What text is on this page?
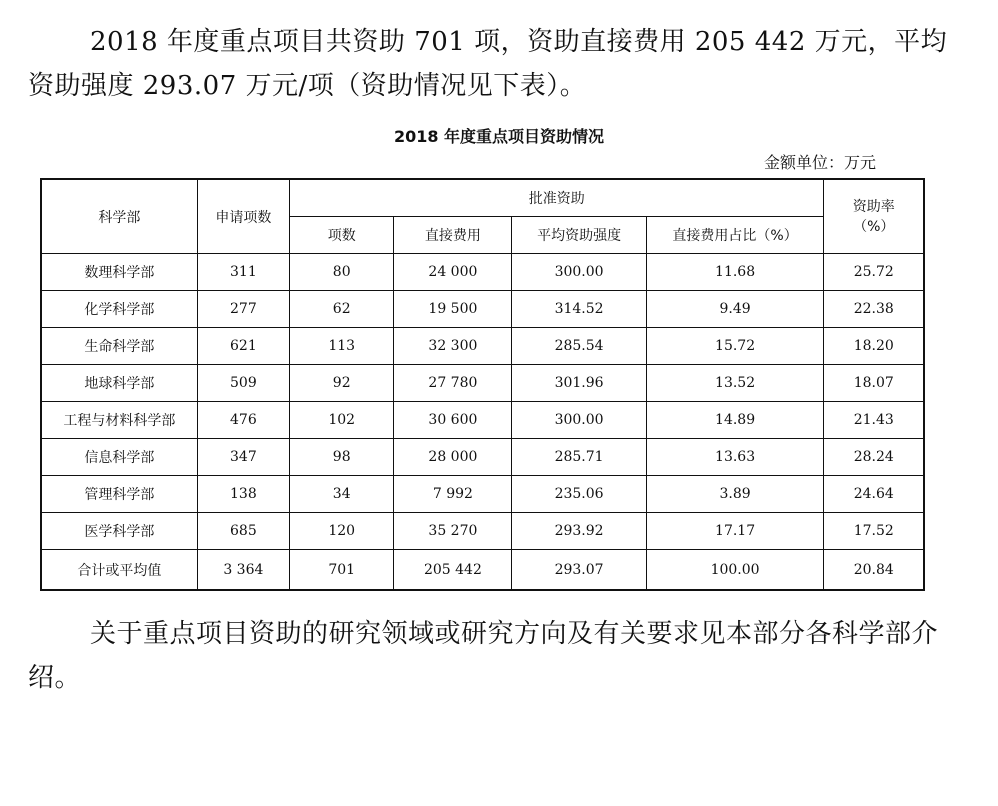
2018 年度重点项目共资助 701 项，资助直接费用 205 442 万元，平均资助强度 293.07 万元/项（资助情况见下表）。

2018 年度重点项目资助情况
金额单位：万元
科学部	申请项数	批准资助				资助率
（%）

		项数	直接费用	平均资助强度	直接费用占比（%）	
数理科学部	311	80	24 000	300.00	11.68	25.72
化学科学部	277	62	19 500	314.52	9.49	22.38
生命科学部	621	113	32 300	285.54	15.72	18.20
地球科学部	509	92	27 780	301.96	13.52	18.07
工程与材料科学部	476	102	30 600	300.00	14.89	21.43
信息科学部	347	98	28 000	285.71	13.63	28.24
管理科学部	138	34	7 992	235.06	3.89	24.64
医学科学部	685	120	35 270	293.92	17.17	17.52
合计或平均值	3 364	701	205 442	293.07	100.00	20.84

关于重点项目资助的研究领域或研究方向及有关要求见本部分各科学部介绍。
